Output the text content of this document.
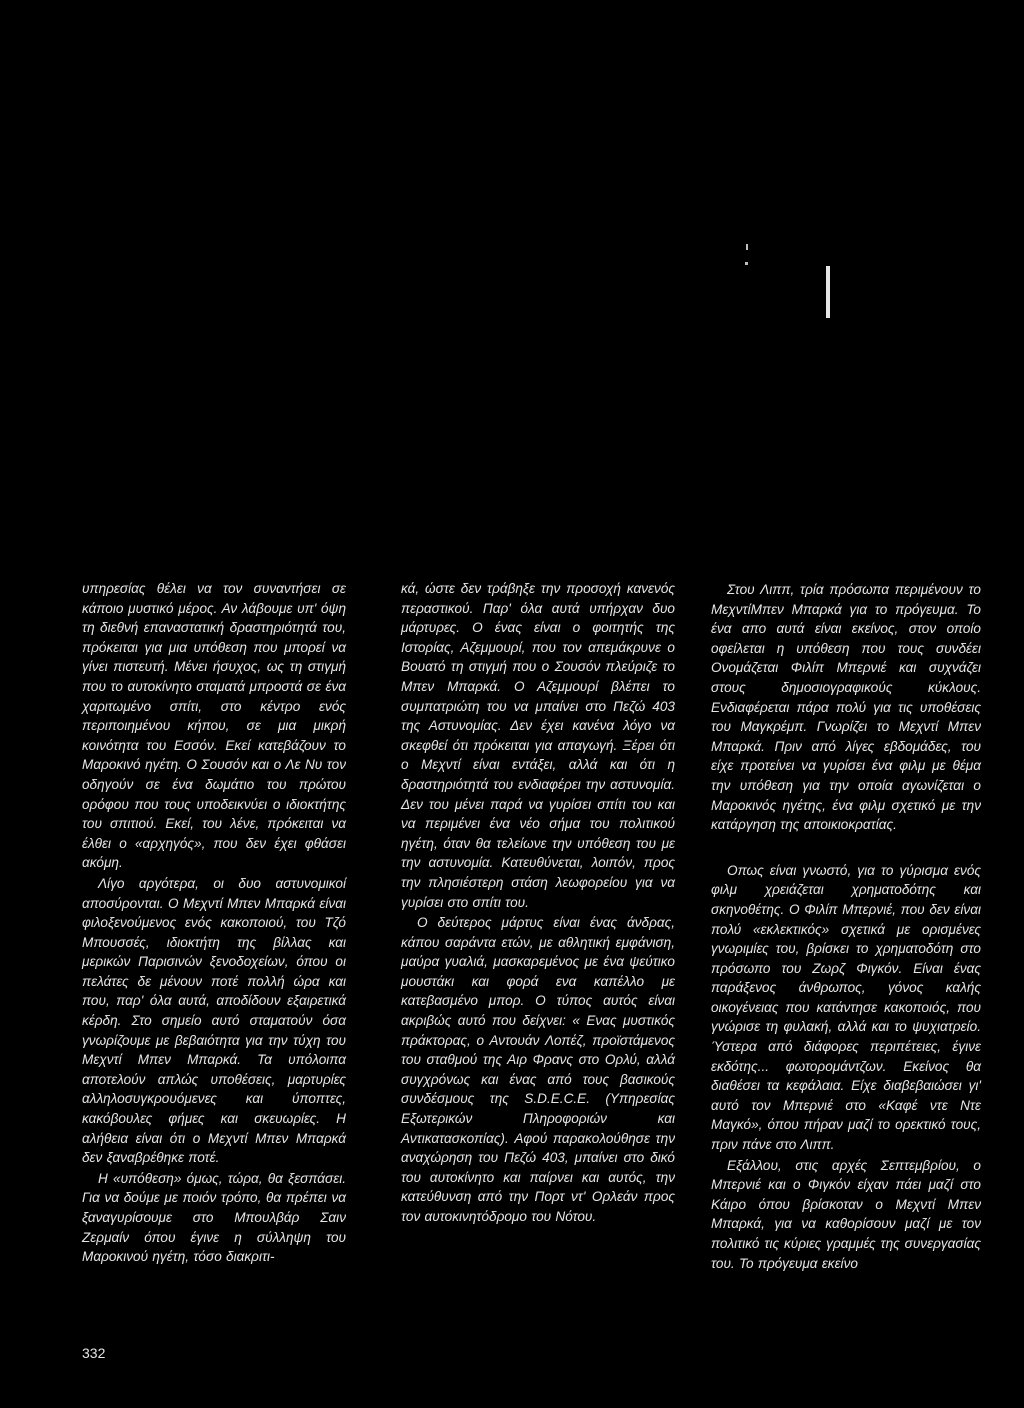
υπηρεσίας θέλει να τον συναντήσει σε κάποιο μυστικό μέρος. Αν λάβουμε υπ' όψη τη διεθνή επαναστατική δραστηριότητά του, πρόκειται για μια υπόθεση που μπορεί να γίνει πιστευτή. Μένει ήσυχος, ως τη στιγμή που το αυτοκίνητο σταματά μπροστά σε ένα χαριτωμένο σπίτι, στο κέντρο ενός περιποιημένου κήπου, σε μια μικρή κοινότητα του Εσσόν. Εκεί κατεβάζουν το Μαροκινό ηγέτη. Ο Σουσόν και ο Λε Νυ τον οδηγούν σε ένα δωμάτιο του πρώτου ορόφου που τους υποδεικνύει ο ιδιοκτήτης του σπιτιού. Εκεί, του λένε, πρόκειται να έλθει ο «αρχηγός», που δεν έχει φθάσει ακόμη.

Λίγο αργότερα, οι δυο αστυνομικοί αποσύρονται. Ο Μεχντί Μπεν Μπαρκά είναι φιλοξενούμενος ενός κακοποιού, του Τζό Μπουσσές, ιδιοκτήτη της βίλλας και μερικών Παρισινών ξενοδοχείων, όπου οι πελάτες δε μένουν ποτέ πολλή ώρα και που, παρ' όλα αυτά, αποδίδουν εξαιρετικά κέρδη. Στο σημείο αυτό σταματούν όσα γνωρίζουμε με βεβαιότητα για την τύχη του Μεχντί Μπεν Μπαρκά. Τα υπόλοιπα αποτελούν απλώς υποθέσεις, μαρτυρίες αλληλοσυγκρουόμενες και ύποπτες, κακόβουλες φήμες και σκευωρίες. Η αλήθεια είναι ότι ο Μεχντί Μπεν Μπαρκά δεν ξαναβρέθηκε ποτέ.

Η «υπόθεση» όμως, τώρα, θα ξεσπάσει. Για να δούμε με ποιόν τρόπο, θα πρέπει να ξαναγυρίσουμε στο Μπουλβάρ Σαιν Ζερμαίν όπου έγινε η σύλληψη του Μαροκινού ηγέτη, τόσο διακριτι-

κά, ώστε δεν τράβηξε την προσοχή κανενός περαστικού. Παρ' όλα αυτά υπήρχαν δυο μάρτυρες. Ο ένας είναι ο φοιτητής της Ιστορίας, Αζεμμουρί, που τον απεμάκρυνε ο Βουατό τη στιγμή που ο Σουσόν πλεύριζε το Μπεν Μπαρκά. Ο Αζεμμουρί βλέπει το συμπατριώτη του να μπαίνει στο Πεζώ 403 της Αστυνομίας. Δεν έχει κανένα λόγο να σκεφθεί ότι πρόκειται για απαγωγή. Ξέρει ότι ο Μεχντί είναι εντάξει, αλλά και ότι η δραστηριότητά του ενδιαφέρει την αστυνομία. Δεν του μένει παρά να γυρίσει σπίτι του και να περιμένει ένα νέο σήμα του πολιτικού ηγέτη, όταν θα τελείωνε την υπόθεση του με την αστυνομία. Κατευθύνεται, λοιπόν, προς την πλησιέστερη στάση λεωφορείου για να γυρίσει στο σπίτι του.

Ο δεύτερος μάρτυς είναι ένας άνδρας, κάπου σαράντα ετών, με αθλητική εμφάνιση, μαύρα γυαλιά, μασκαρεμένος με ένα ψεύτικο μουστάκι και φορά ενα καπέλλο με κατεβασμένο μπορ. Ο τύπος αυτός είναι ακριβώς αυτό που δείχνει: « Ενας μυστικός πράκτορας, ο Αντουάν Λοπέζ, προϊστάμενος του σταθμού της Αιρ Φρανς στο Ορλύ, αλλά συγχρόνως και ένας από τους βασικούς συνδέσμους της S.D.E.C.E. (Υπηρεσίας Εξωτερικών Πληροφοριών και Αντικατασκοπίας). Αφού παρακολούθησε την αναχώρηση του Πεζώ 403, μπαίνει στο δικό του αυτοκίνητο και παίρνει και αυτός, την κατεύθυνση από την Πορτ ντ' Ορλεάν προς τον αυτοκινητόδρομο του Νότου.

Στου Λιππ, τρία πρόσωπα περιμένουν το ΜεχντίΜπεν Μπαρκά για το πρόγευμα. Το ένα απο αυτά είναι εκείνος, στον οποίο οφείλεται η υπόθεση που τους συνδέει Ονομάζεται Φιλίπ Μπερνιέ και συχνάζει στους δημοσιογραφικούς κύκλους. Ενδιαφέρεται πάρα πολύ για τις υποθέσεις του Μαγκρέμπ. Γνωρίζει το Μεχντί Μπεν Μπαρκά. Πριν από λίγες εβδομάδες, του είχε προτείνει να γυρίσει ένα φιλμ με θέμα την υπόθεση για την οποία αγωνίζεται ο Μαροκινός ηγέτης, ένα φιλμ σχετικό με την κατάργηση της αποικιοκρατίας.

Οπως είναι γνωστό, για το γύρισμα ενός φιλμ χρειάζεται χρηματοδότης και σκηνοθέτης. Ο Φιλίπ Μπερνιέ, που δεν είναι πολύ «εκλεκτικός» σχετικά με ορισμένες γνωριμίες του, βρίσκει το χρηματοδότη στο πρόσωπο του Ζωρζ Φιγκόν. Είναι ένας παράξενος άνθρωπος, γόνος καλής οικογένειας που κατάντησε κακοποιός, που γνώρισε τη φυλακή, αλλά και το ψυχιατρείο. Ύστερα από διάφορες περιπέτειες, έγινε εκδότης... φωτορομάντζων. Εκείνος θα διαθέσει τα κεφάλαια. Είχε διαβεβαιώσει γι' αυτό τον Μπερνιέ στο «Καφέ ντε Ντε Μαγκό», όπου πήραν μαζί το ορεκτικό τους, πριν πάνε στο Λιππ.

Εξάλλου, στις αρχές Σεπτεμβρίου, ο Μπερνιέ και ο Φιγκόν είχαν πάει μαζί στο Κάιρο όπου βρίσκοταν ο Μεχντί Μπεν Μπαρκά, για να καθορίσουν μαζί με τον πολιτικό τις κύριες γραμμές της συνεργασίας του. Το πρόγευμα εκείνο

332
